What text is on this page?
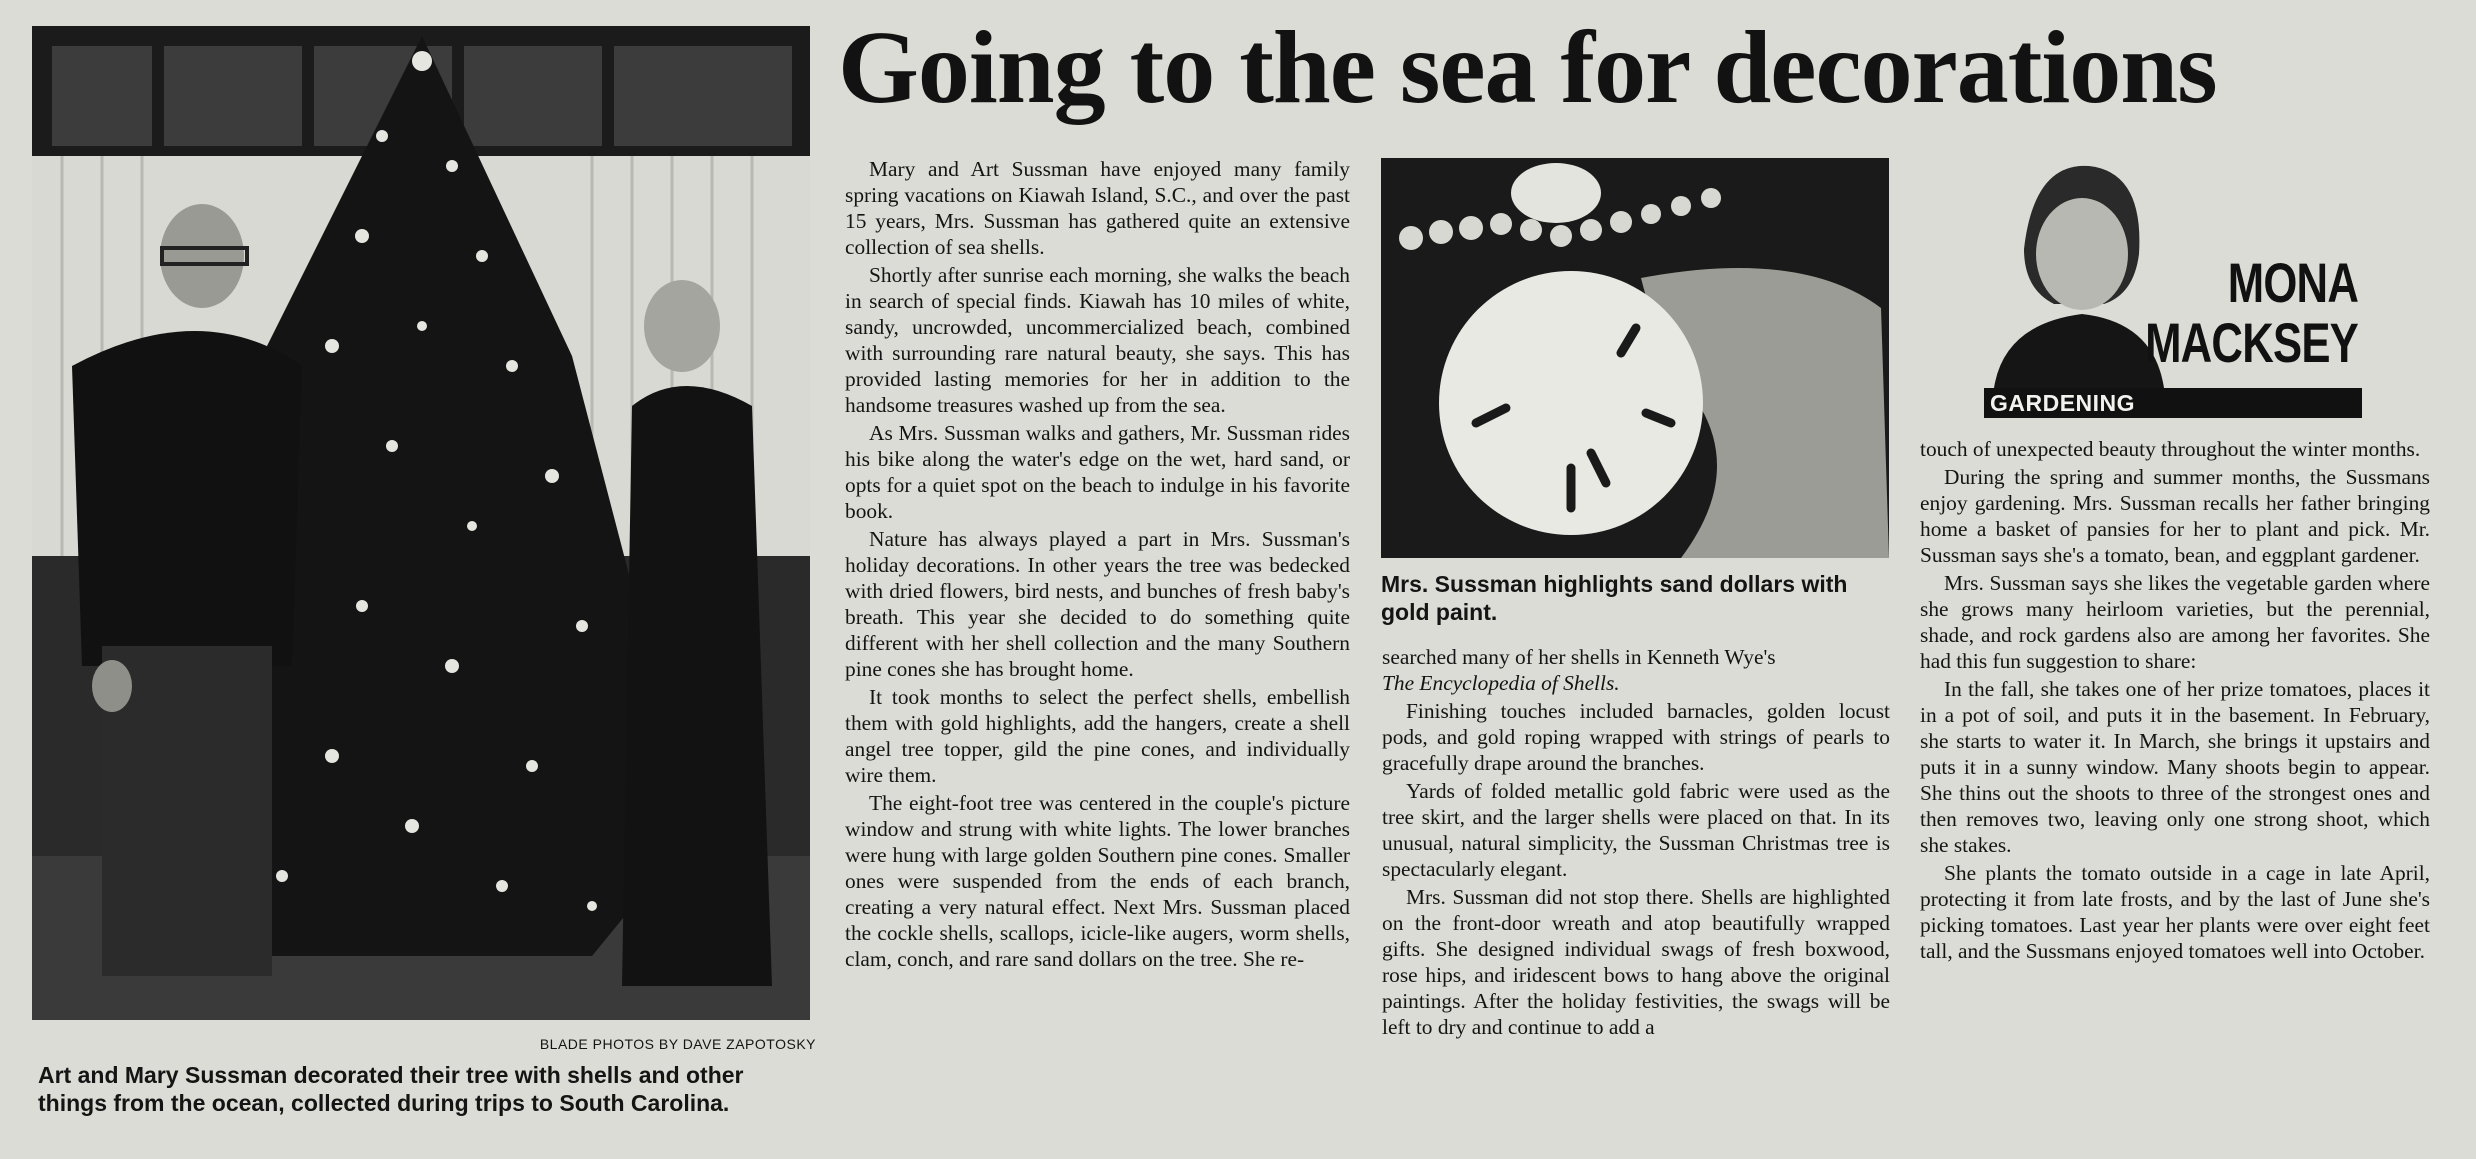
BLADE PHOTOS BY DAVE ZAPOTOSKY
Art and Mary Sussman decorated their tree with shells and other
things from the ocean, collected during trips to South Carolina.
Going to the sea for decorations

Mary and Art Sussman have enjoyed many family spring vacations on Kiawah Island, S.C., and over the past 15 years, Mrs. Sussman has gathered quite an extensive collection of sea shells.

Shortly after sunrise each morning, she walks the beach in search of special finds. Kiawah has 10 miles of white, sandy, uncrowded, uncommercialized beach, combined with surrounding rare natural beauty, she says. This has provided lasting memories for her in addition to the handsome treasures washed up from the sea.

As Mrs. Sussman walks and gathers, Mr. Sussman rides his bike along the water's edge on the wet, hard sand, or opts for a quiet spot on the beach to indulge in his favorite book.

Nature has always played a part in Mrs. Sussman's holiday decorations. In other years the tree was bedecked with dried flowers, bird nests, and bunches of fresh baby's breath. This year she decided to do something quite different with her shell collection and the many Southern pine cones she has brought home.

It took months to select the perfect shells, embellish them with gold highlights, add the hangers, create a shell angel tree topper, gild the pine cones, and individually wire them.

The eight-foot tree was centered in the couple's picture window and strung with white lights. The lower branches were hung with large golden Southern pine cones. Smaller ones were suspended from the ends of each branch, creating a very natural effect. Next Mrs. Sussman placed the cockle shells, scallops, icicle-like augers, worm shells, clam, conch, and rare sand dollars on the tree. She re-

Mrs. Sussman highlights sand dollars with
gold paint.

searched many of her shells in Kenneth Wye's
The Encyclopedia of Shells.

Finishing touches included barnacles, golden locust pods, and gold roping wrapped with strings of pearls to gracefully drape around the branches.

Yards of folded metallic gold fabric were used as the tree skirt, and the larger shells were placed on that. In its unusual, natural simplicity, the Sussman Christmas tree is spectacularly elegant.

Mrs. Sussman did not stop there. Shells are highlighted on the front-door wreath and atop beautifully wrapped gifts. She designed individual swags of fresh boxwood, rose hips, and iridescent bows to hang above the original paintings. After the holiday festivities, the swags will be left to dry and continue to add a

MONA
MACKSEY
GARDENING

touch of unexpected beauty throughout the winter months.

During the spring and summer months, the Sussmans enjoy gardening. Mrs. Sussman recalls her father bringing home a basket of pansies for her to plant and pick. Mr. Sussman says she's a tomato, bean, and eggplant gardener.

Mrs. Sussman says she likes the vegetable garden where she grows many heirloom varieties, but the perennial, shade, and rock gardens also are among her favorites. She had this fun suggestion to share:

In the fall, she takes one of her prize tomatoes, places it in a pot of soil, and puts it in the basement. In February, she starts to water it. In March, she brings it upstairs and puts it in a sunny window. Many shoots begin to appear. She thins out the shoots to three of the strongest ones and then removes two, leaving only one strong shoot, which she stakes.

She plants the tomato outside in a cage in late April, protecting it from late frosts, and by the last of June she's picking tomatoes. Last year her plants were over eight feet tall, and the Sussmans enjoyed tomatoes well into October.
